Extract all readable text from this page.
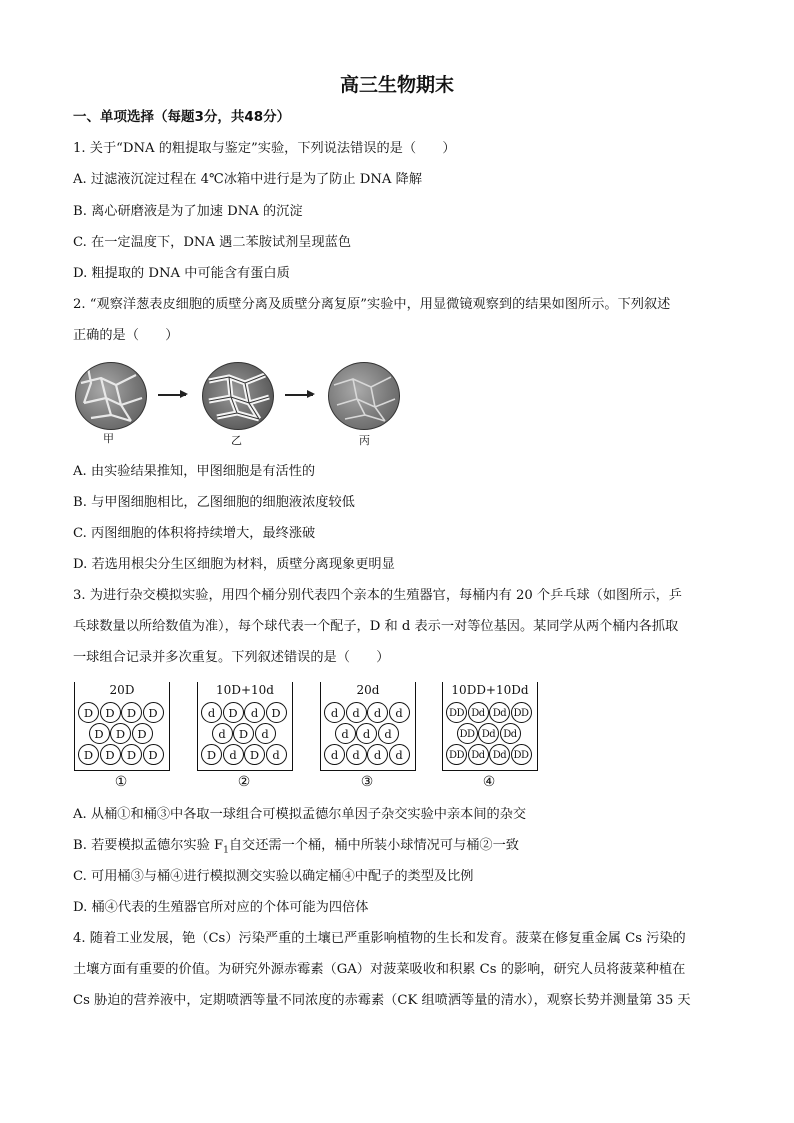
高三生物期末
一、单项选择（每题3分，共48分）
1. 关于“DNA 的粗提取与鉴定”实验，下列说法错误的是（　　）
A. 过滤液沉淀过程在 4℃冰箱中进行是为了防止 DNA 降解
B. 离心研磨液是为了加速 DNA 的沉淀
C. 在一定温度下，DNA 遇二苯胺试剂呈现蓝色
D. 粗提取的 DNA 中可能含有蛋白质
2. “观察洋葱表皮细胞的质壁分离及质壁分离复原”实验中，用显微镜观察到的结果如图所示。下列叙述
正确的是（　　）
甲	乙	丙
A. 由实验结果推知，甲图细胞是有活性的
B. 与甲图细胞相比，乙图细胞的细胞液浓度较低
C. 丙图细胞的体积将持续增大，最终涨破
D. 若选用根尖分生区细胞为材料，质壁分离现象更明显
3. 为进行杂交模拟实验，用四个桶分别代表四个亲本的生殖器官，每桶内有 20 个乒乓球（如图所示，乒
乓球数量以所给数值为准），每个球代表一个配子，D 和 d 表示一对等位基因。某同学从两个桶内各抓取
一球组合记录并多次重复。下列叙述错误的是（　　）
20D
D	D	D	D
D	D	D
D	D	D	D
①
10D+10d
d	D	d	D
d	D	d
D	d	D	d
②
20d
d	d	d	d
d	d	d
d	d	d	d
③
10DD+10Dd
DD Dd Dd DD
DD Dd Dd
DD Dd Dd DD
④
A. 从桶①和桶③中各取一球组合可模拟孟德尔单因子杂交实验中亲本间的杂交
B. 若要模拟孟德尔实验 $F_1$自交还需一个桶，桶中所装小球情况可与桶②一致
C. 可用桶③与桶④进行模拟测交实验以确定桶④中配子的类型及比例
D. 桶④代表的生殖器官所对应的个体可能为四倍体
4. 随着工业发展，铯（Cs）污染严重的土壤已严重影响植物的生长和发育。菠菜在修复重金属 Cs 污染的
土壤方面有重要的价值。为研究外源赤霉素（GA）对菠菜吸收和积累 Cs 的影响，研究人员将菠菜种植在
Cs 胁迫的营养液中，定期喷洒等量不同浓度的赤霉素（CK 组喷洒等量的清水），观察长势并测量第 35 天
